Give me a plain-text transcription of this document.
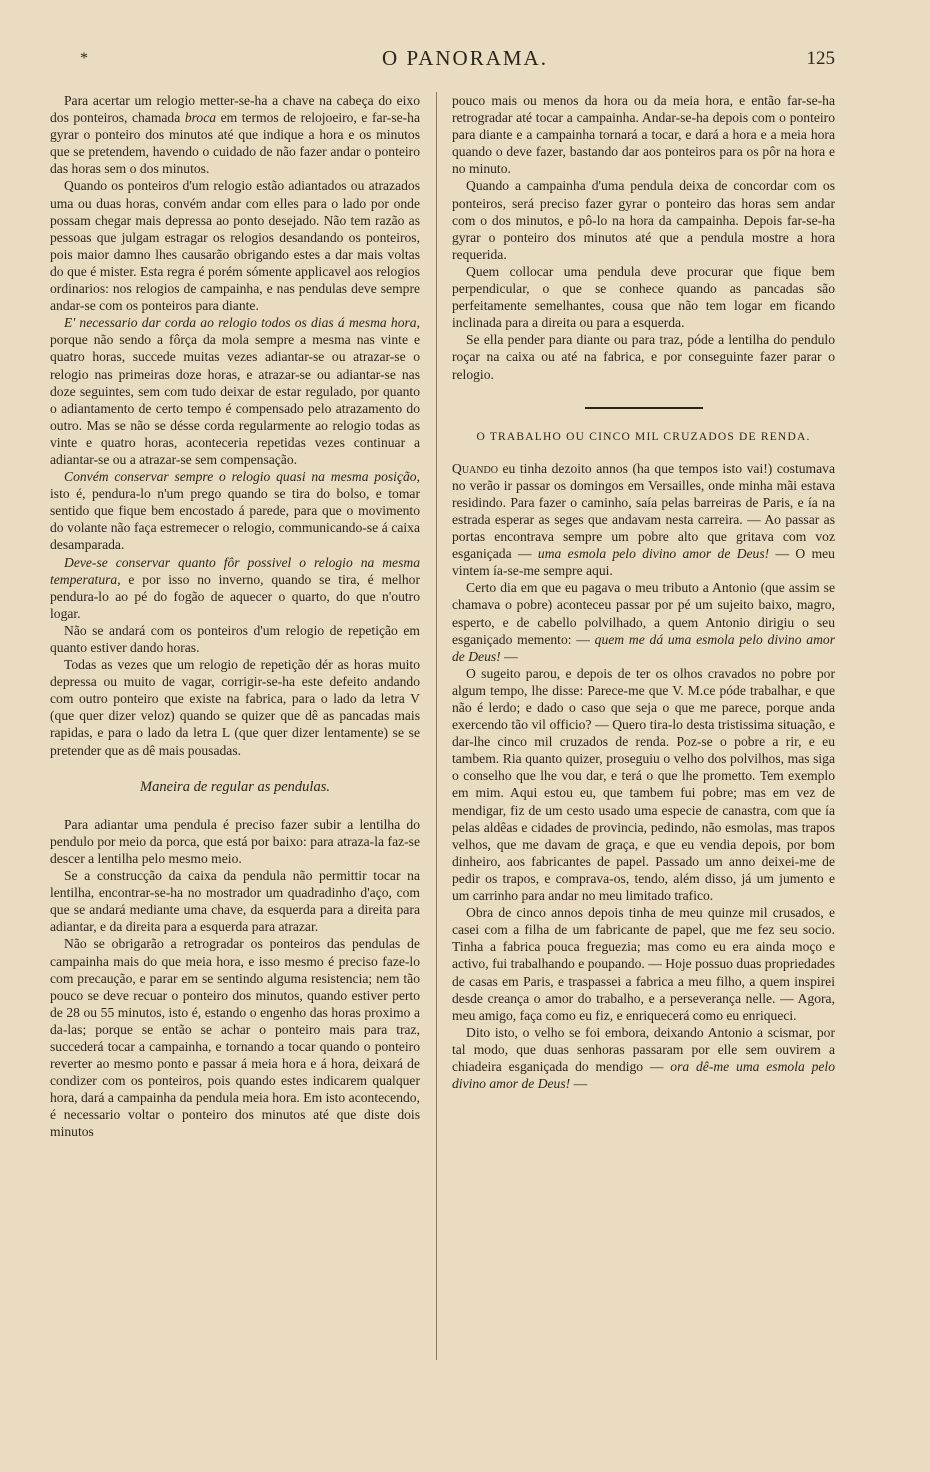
*	O PANORAMA.	125

Para acertar um relogio metter-se-ha a chave na cabeça do eixo dos ponteiros, chamada broca em termos de relojoeiro, e far-se-ha gyrar o ponteiro dos minutos até que indique a hora e os minutos que se pretendem, havendo o cuidado de não fazer andar o ponteiro das horas sem o dos minutos.

Quando os ponteiros d'um relogio estão adiantados ou atrazados uma ou duas horas, convém andar com elles para o lado por onde possam chegar mais depressa ao ponto desejado. Não tem razão as pessoas que julgam estragar os relogios desandando os ponteiros, pois maior damno lhes causarão obrigando estes a dar mais voltas do que é mister. Esta regra é porém sómente applicavel aos relogios ordinarios: nos relogios de campainha, e nas pendulas deve sempre andar-se com os ponteiros para diante.

E' necessario dar corda ao relogio todos os dias á mesma hora, porque não sendo a fôrça da mola sempre a mesma nas vinte e quatro horas, succede muitas vezes adiantar-se ou atrazar-se o relogio nas primeiras doze horas, e atrazar-se ou adiantar-se nas doze seguintes, sem com tudo deixar de estar regulado, por quanto o adiantamento de certo tempo é compensado pelo atrazamento do outro. Mas se não se désse corda regularmente ao relogio todas as vinte e quatro horas, aconteceria repetidas vezes continuar a adiantar-se ou a atrazar-se sem compensação.

Convém conservar sempre o relogio quasi na mesma posição, isto é, pendura-lo n'um prego quando se tira do bolso, e tomar sentido que fique bem encostado á parede, para que o movimento do volante não faça estremecer o relogio, communicando-se á caixa desamparada.

Deve-se conservar quanto fôr possivel o relogio na mesma temperatura, e por isso no inverno, quando se tira, é melhor pendura-lo ao pé do fogão de aquecer o quarto, do que n'outro logar.

Não se andará com os ponteiros d'um relogio de repetição em quanto estiver dando horas.

Todas as vezes que um relogio de repetição dér as horas muito depressa ou muito de vagar, corrigir-se-ha este defeito andando com outro ponteiro que existe na fabrica, para o lado da letra V (que quer dizer veloz) quando se quizer que dê as pancadas mais rapidas, e para o lado da letra L (que quer dizer lentamente) se se pretender que as dê mais pousadas.

Maneira de regular as pendulas.

Para adiantar uma pendula é preciso fazer subir a lentilha do pendulo por meio da porca, que está por baixo: para atraza-la faz-se descer a lentilha pelo mesmo meio.

Se a construcção da caixa da pendula não permittir tocar na lentilha, encontrar-se-ha no mostrador um quadradinho d'aço, com que se andará mediante uma chave, da esquerda para a direita para adiantar, e da direita para a esquerda para atrazar.

Não se obrigarão a retrogradar os ponteiros das pendulas de campainha mais do que meia hora, e isso mesmo é preciso faze-lo com precaução, e parar em se sentindo alguma resistencia; nem tão pouco se deve recuar o ponteiro dos minutos, quando estiver perto de 28 ou 55 minutos, isto é, estando o engenho das horas proximo a da-las; porque se então se achar o ponteiro mais para traz, succederá tocar a campainha, e tornando a tocar quando o ponteiro reverter ao mesmo ponto e passar á meia hora e á hora, deixará de condizer com os ponteiros, pois quando estes indicarem qualquer hora, dará a campainha da pendula meia hora. Em isto acontecendo, é necessario voltar o ponteiro dos minutos até que diste dois minutos

pouco mais ou menos da hora ou da meia hora, e então far-se-ha retrogradar até tocar a campainha. Andar-se-ha depois com o ponteiro para diante e a campainha tornará a tocar, e dará a hora e a meia hora quando o deve fazer, bastando dar aos ponteiros para os pôr na hora e no minuto.

Quando a campainha d'uma pendula deixa de concordar com os ponteiros, será preciso fazer gyrar o ponteiro das horas sem andar com o dos minutos, e pô-lo na hora da campainha. Depois far-se-ha gyrar o ponteiro dos minutos até que a pendula mostre a hora requerida.

Quem collocar uma pendula deve procurar que fique bem perpendicular, o que se conhece quando as pancadas são perfeitamente semelhantes, cousa que não tem logar em ficando inclinada para a direita ou para a esquerda.

Se ella pender para diante ou para traz, póde a lentilha do pendulo roçar na caixa ou até na fabrica, e por conseguinte fazer parar o relogio.

O TRABALHO OU CINCO MIL CRUZADOS DE RENDA.

Quando eu tinha dezoito annos (ha que tempos isto vai!) costumava no verão ir passar os domingos em Versailles, onde minha mãi estava residindo. Para fazer o caminho, saía pelas barreiras de Paris, e ía na estrada esperar as seges que andavam nesta carreira. — Ao passar as portas encontrava sempre um pobre alto que gritava com voz esganiçada — uma esmola pelo divino amor de Deus! — O meu vintem ía-se-me sempre aqui.

Certo dia em que eu pagava o meu tributo a Antonio (que assim se chamava o pobre) aconteceu passar por pé um sujeito baixo, magro, esperto, e de cabello polvilhado, a quem Antonio dirigiu o seu esganiçado memento: — quem me dá uma esmola pelo divino amor de Deus! —

O sugeito parou, e depois de ter os olhos cravados no pobre por algum tempo, lhe disse: Parece-me que V. M.ce póde trabalhar, e que não é lerdo; e dado o caso que seja o que me parece, porque anda exercendo tão vil officio? — Quero tira-lo desta tristissima situação, e dar-lhe cinco mil cruzados de renda. Poz-se o pobre a rir, e eu tambem. Ria quanto quizer, proseguiu o velho dos polvilhos, mas siga o conselho que lhe vou dar, e terá o que lhe prometto. Tem exemplo em mim. Aqui estou eu, que tambem fui pobre; mas em vez de mendigar, fiz de um cesto usado uma especie de canastra, com que ía pelas aldêas e cidades de provincia, pedindo, não esmolas, mas trapos velhos, que me davam de graça, e que eu vendia depois, por bom dinheiro, aos fabricantes de papel. Passado um anno deixei-me de pedir os trapos, e comprava-os, tendo, além disso, já um jumento e um carrinho para andar no meu limitado trafico.

Obra de cinco annos depois tinha de meu quinze mil crusados, e casei com a filha de um fabricante de papel, que me fez seu socio. Tinha a fabrica pouca freguezia; mas como eu era ainda moço e activo, fui trabalhando e poupando. — Hoje possuo duas propriedades de casas em Paris, e traspassei a fabrica a meu filho, a quem inspirei desde creança o amor do trabalho, e a perseverança nelle. — Agora, meu amigo, faça como eu fiz, e enriquecerá como eu enriqueci.

Dito isto, o velho se foi embora, deixando Antonio a scismar, por tal modo, que duas senhoras passaram por elle sem ouvirem a chiadeira esganiçada do mendigo — ora dê-me uma esmola pelo divino amor de Deus! —
